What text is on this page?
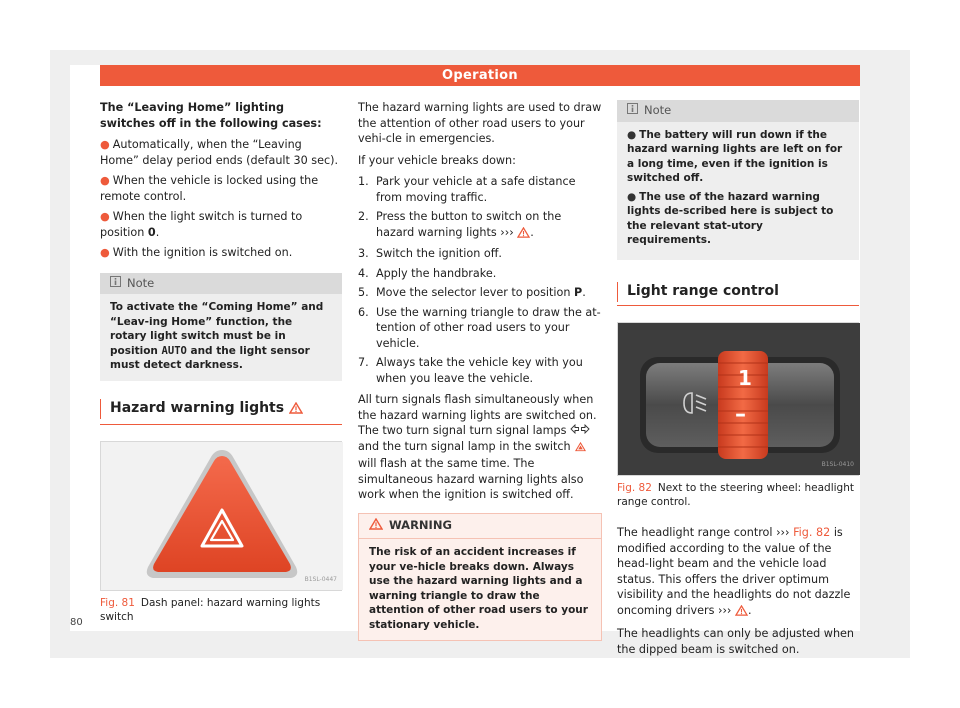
Operation

The “Leaving Home” lighting switches off in the following cases:

● Automatically, when the “Leaving Home” delay period ends (default 30 sec).
● When the vehicle is locked using the remote control.
● When the light switch is turned to position 0.
● With the ignition is switched on.
Note
To activate the “Coming Home” and “Leav-ing Home” function, the rotary light switch must be in position AUTO and the light sensor must detect darkness.
Hazard warning lights
B1SL-0447
Fig. 81 Dash panel: hazard warning lights switch

The hazard warning lights are used to draw the attention of other road users to your vehi-cle in emergencies.

If your vehicle breaks down:

1. Park your vehicle at a safe distance from moving traffic.
2. Press the button to switch on the hazard warning lights ››› .
3. Switch the ignition off.
4. Apply the handbrake.
5. Move the selector lever to position P.
6. Use the warning triangle to draw the at-tention of other road users to your vehicle.
7. Always take the vehicle key with you when you leave the vehicle.

All turn signals flash simultaneously when the hazard warning lights are switched on. The two turn signal turn signal lamps  and the turn signal lamp in the switch  will flash at the same time. The simultaneous hazard warning lights also work when the ignition is switched off.

WARNING
The risk of an accident increases if your ve-hicle breaks down. Always use the hazard warning lights and a warning triangle to draw the attention of other road users to your stationary vehicle.
Note
● The battery will run down if the hazard warning lights are left on for a long time, even if the ignition is switched off.
● The use of the hazard warning lights de-scribed here is subject to the relevant stat-utory requirements.
Light range control
1
–
B1SL-0410
Fig. 82 Next to the steering wheel: headlight range control.

The headlight range control ››› Fig. 82 is modified according to the value of the head-light beam and the vehicle load status. This offers the driver optimum visibility and the headlights do not dazzle oncoming drivers ››› .

The headlights can only be adjusted when the dipped beam is switched on.

80
